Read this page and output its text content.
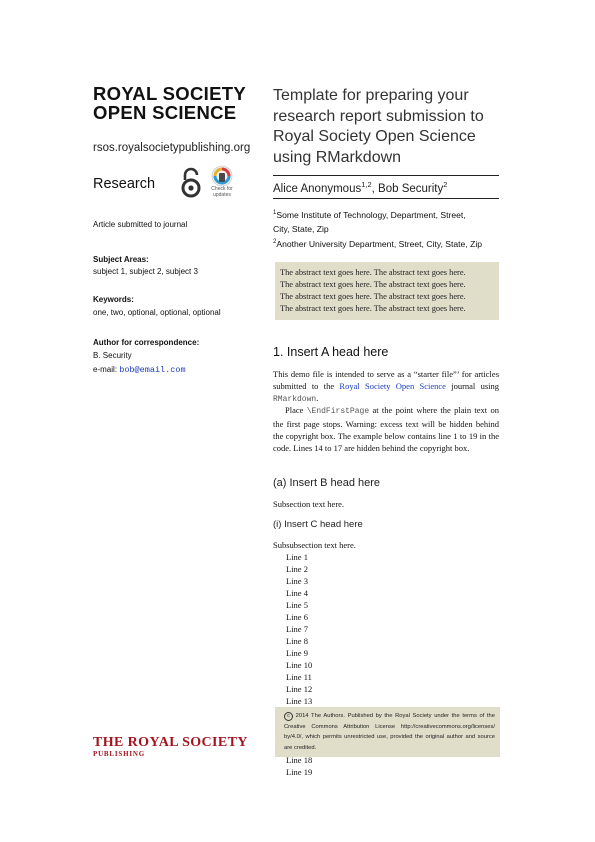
ROYAL SOCIETY
OPEN SCIENCE
rsos.royalsocietypublishing.org
Research	Check for updates
Article submitted to journal
Subject Areas:
subject 1, subject 2, subject 3
Keywords:
one, two, optional, optional, optional
Author for correspondence:
B. Security
e-mail: bob@email.com
THE ROYAL SOCIETY
PUBLISHING
Template for preparing your
research report submission to
Royal Society Open Science
using RMarkdown
Alice Anonymous$^{1,2}$, Bob Security$^2$
$^1$Some Institute of Technology, Department, Street,
City, State, Zip
$^2$Another University Department, Street, City, State, Zip
The abstract text goes here. The abstract text goes here.
The abstract text goes here. The abstract text goes here.
The abstract text goes here. The abstract text goes here.
The abstract text goes here. The abstract text goes here.
1. Insert A head here
This demo file is intended to serve as a “starter file”’ for articles submitted to the Royal Society Open Science journal using RMarkdown.
Place \EndFirstPage at the point where the plain text on the first page stops. Warning: excess text will be hidden behind the copyright box. The example below contains line 1 to 19 in the code. Lines 14 to 17 are hidden behind the copyright box.
(a) Insert B head here
Subsection text here.
(i) Insert C head here
Subsubsection text here.
Line 1
Line 2
Line 3
Line 4
Line 5
Line 6
Line 7
Line 8
Line 9
Line 10
Line 11
Line 12
Line 13
c 2014 The Authors. Published by the Royal Society under the terms of the Creative Commons Attribution License http://creativecommons.org/licenses/ by/4.0/, which permits unrestricted use, provided the original author and source are credited.
Line 18
Line 19
